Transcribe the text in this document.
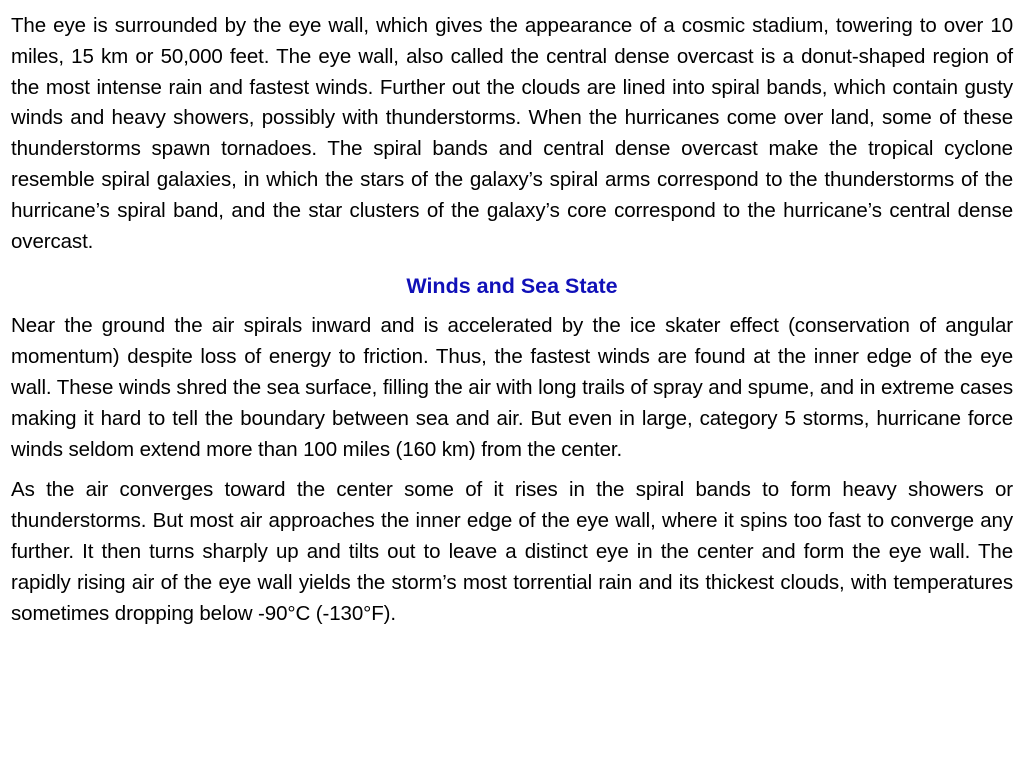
The eye is surrounded by the eye wall, which gives the appearance of a cosmic stadium, towering to over 10 miles, 15 km or 50,000 feet. The eye wall, also called the central dense overcast is a donut-shaped region of the most intense rain and fastest winds. Further out the clouds are lined into spiral bands, which contain gusty winds and heavy showers, possibly with thunderstorms. When the hurricanes come over land, some of these thunderstorms spawn tornadoes. The spiral bands and central dense overcast make the tropical cyclone resemble spiral galaxies, in which the stars of the galaxy’s spiral arms correspond to the thunderstorms of the hurricane’s spiral band, and the star clusters of the galaxy’s core correspond to the hurricane’s central dense overcast.

Winds and Sea State

Near the ground the air spirals inward and is accelerated by the ice skater effect (conservation of angular momentum) despite loss of energy to friction. Thus, the fastest winds are found at the inner edge of the eye wall. These winds shred the sea surface, filling the air with long trails of spray and spume, and in extreme cases making it hard to tell the boundary between sea and air. But even in large, category 5 storms, hurricane force winds seldom extend more than 100 miles (160 km) from the center.

As the air converges toward the center some of it rises in the spiral bands to form heavy showers or thunderstorms. But most air approaches the inner edge of the eye wall, where it spins too fast to converge any further. It then turns sharply up and tilts out to leave a distinct eye in the center and form the eye wall. The rapidly rising air of the eye wall yields the storm’s most torrential rain and its thickest clouds, with temperatures sometimes dropping below -90°C (-130°F).
